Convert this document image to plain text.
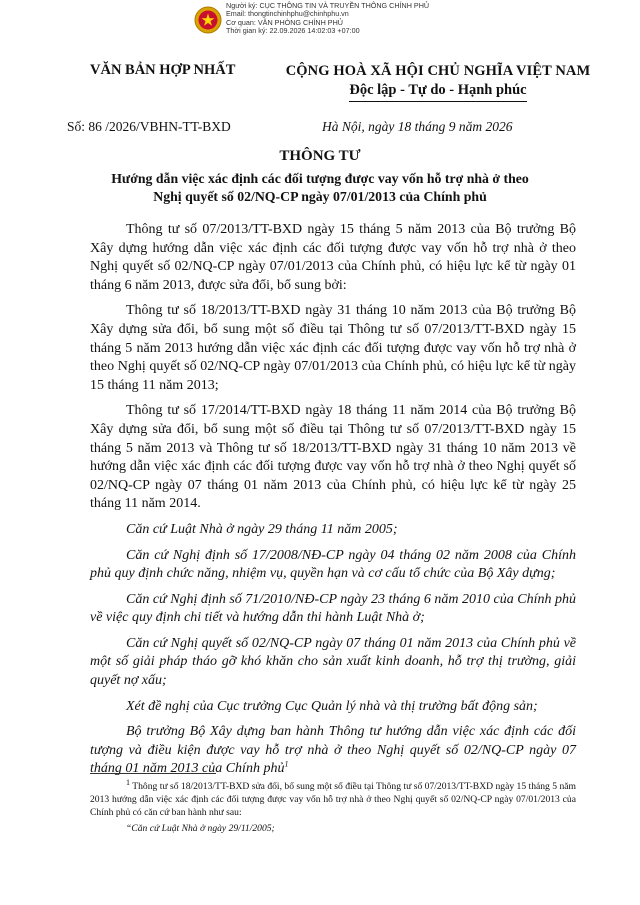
Người ký: CỤC THÔNG TIN VÀ TRUYỀN THÔNG CHÍNH PHỦ
Email: thongtinchinhphu@chinhphu.vn
Cơ quan: VĂN PHÒNG CHÍNH PHỦ
Thời gian ký: 22.09.2026 14:02:03 +07:00
VĂN BẢN HỢP NHẤT	CỘNG HOÀ XÃ HỘI CHỦ NGHĨA VIỆT NAM
Độc lập - Tự do - Hạnh phúc
Số: 86 /2026/VBHN-TT-BXD	Hà Nội, ngày 18 tháng 9 năm 2026
THÔNG TƯ
Hướng dẫn việc xác định các đối tượng được vay vốn hỗ trợ nhà ở theo Nghị quyết số 02/NQ-CP ngày 07/01/2013 của Chính phủ

Thông tư số 07/2013/TT-BXD ngày 15 tháng 5 năm 2013 của Bộ trưởng Bộ Xây dựng hướng dẫn việc xác định các đối tượng được vay vốn hỗ trợ nhà ở theo Nghị quyết số 02/NQ-CP ngày 07/01/2013 của Chính phủ, có hiệu lực kể từ ngày 01 tháng 6 năm 2013, được sửa đổi, bổ sung bởi:

Thông tư số 18/2013/TT-BXD ngày 31 tháng 10 năm 2013 của Bộ trưởng Bộ Xây dựng sửa đổi, bổ sung một số điều tại Thông tư số 07/2013/TT-BXD ngày 15 tháng 5 năm 2013 hướng dẫn việc xác định các đối tượng được vay vốn hỗ trợ nhà ở theo Nghị quyết số 02/NQ-CP ngày 07/01/2013 của Chính phủ, có hiệu lực kể từ ngày 15 tháng 11 năm 2013;

Thông tư số 17/2014/TT-BXD ngày 18 tháng 11 năm 2014 của Bộ trưởng Bộ Xây dựng sửa đổi, bổ sung một số điều tại Thông tư số 07/2013/TT-BXD ngày 15 tháng 5 năm 2013 và Thông tư số 18/2013/TT-BXD ngày 31 tháng 10 năm 2013 về hướng dẫn việc xác định các đối tượng được vay vốn hỗ trợ nhà ở theo Nghị quyết số 02/NQ-CP ngày 07 tháng 01 năm 2013 của Chính phủ, có hiệu lực kể từ ngày 25 tháng 11 năm 2014.

Căn cứ Luật Nhà ở ngày 29 tháng 11 năm 2005;

Căn cứ Nghị định số 17/2008/NĐ-CP ngày 04 tháng 02 năm 2008 của Chính phủ quy định chức năng, nhiệm vụ, quyền hạn và cơ cấu tổ chức của Bộ Xây dựng;

Căn cứ Nghị định số 71/2010/NĐ-CP ngày 23 tháng 6 năm 2010 của Chính phủ về việc quy định chi tiết và hướng dẫn thi hành Luật Nhà ở;

Căn cứ Nghị quyết số 02/NQ-CP ngày 07 tháng 01 năm 2013 của Chính phủ về một số giải pháp tháo gỡ khó khăn cho sản xuất kinh doanh, hỗ trợ thị trường, giải quyết nợ xấu;

Xét đề nghị của Cục trưởng Cục Quản lý nhà và thị trường bất động sản;

Bộ trưởng Bộ Xây dựng ban hành Thông tư hướng dẫn việc xác định các đối tượng và điều kiện được vay hỗ trợ nhà ở theo Nghị quyết số 02/NQ-CP ngày 07 tháng 01 năm 2013 của Chính phủ$^1$

$^1$ Thông tư số 18/2013/TT-BXD sửa đổi, bổ sung một số điều tại Thông tư số 07/2013/TT-BXD ngày 15 tháng 5 năm 2013 hướng dẫn việc xác định các đối tượng được vay vốn hỗ trợ nhà ở theo Nghị quyết số 02/NQ-CP ngày 07/01/2013 của Chính phủ có căn cứ ban hành như sau:

“Căn cứ Luật Nhà ở ngày 29/11/2005;
